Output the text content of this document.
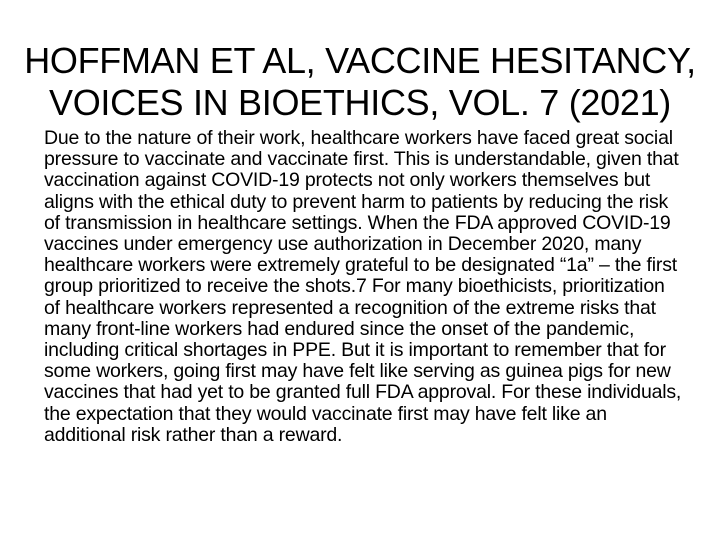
HOFFMAN ET AL, VACCINE HESITANCY, VOICES IN BIOETHICS, VOL. 7 (2021)

Due to the nature of their work, healthcare workers have faced great social pressure to vaccinate and vaccinate first. This is understandable, given that vaccination against COVID-19 protects not only workers themselves but aligns with the ethical duty to prevent harm to patients by reducing the risk of transmission in healthcare settings. When the FDA approved COVID-19 vaccines under emergency use authorization in December 2020, many healthcare workers were extremely grateful to be designated “1a” – the first group prioritized to receive the shots.7 For many bioethicists, prioritization of healthcare workers represented a recognition of the extreme risks that many front-line workers had endured since the onset of the pandemic, including critical shortages in PPE. But it is important to remember that for some workers, going first may have felt like serving as guinea pigs for new vaccines that had yet to be granted full FDA approval. For these individuals, the expectation that they would vaccinate first may have felt like an additional risk rather than a reward.
